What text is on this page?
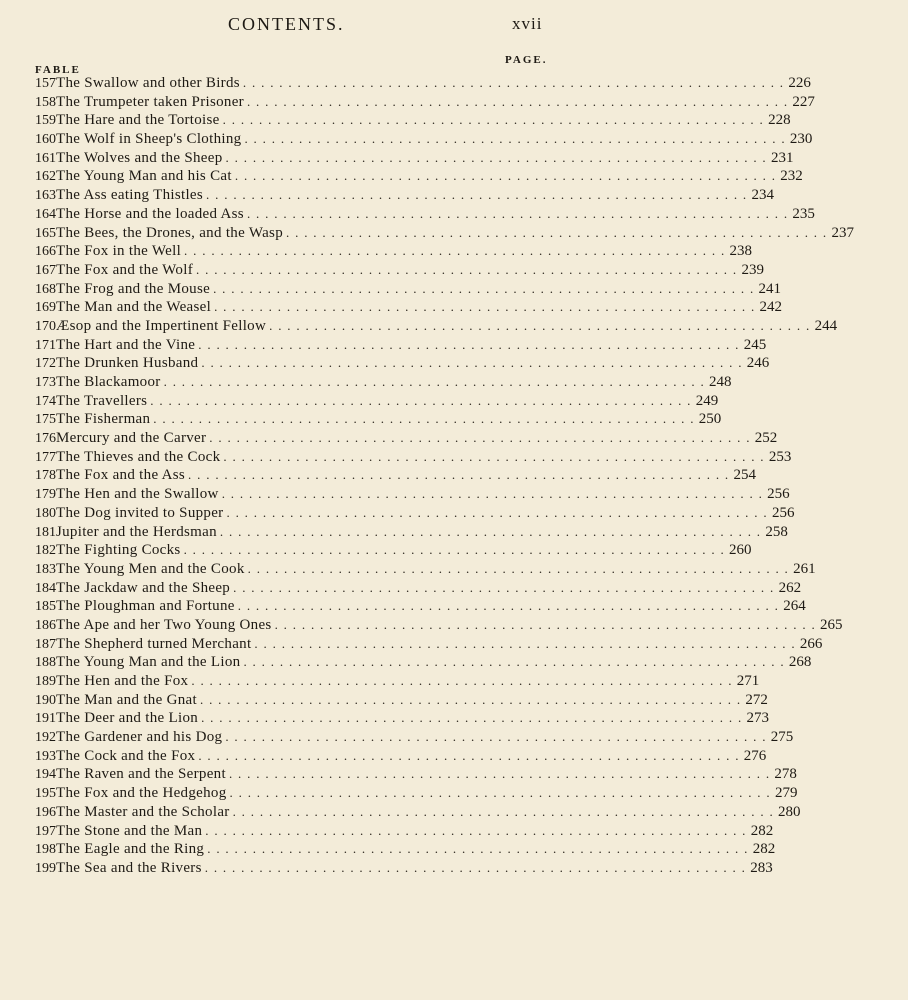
CONTENTS.	xvii
FABLE
PAGE.
157 The Swallow and other Birds . . . . . . . . . . . . . . . . . . . . . . . . . . . . . . . . . . . . . . . . . . . . . . . . . . . . . . . . . . . . 226
158 The Trumpeter taken Prisoner . . . . . . . . . . . . . . . . . . . . . . . . . . . . . . . . . . . . . . . . . . . . . . . . . . . . . . . . . . . . 227
159 The Hare and the Tortoise . . . . . . . . . . . . . . . . . . . . . . . . . . . . . . . . . . . . . . . . . . . . . . . . . . . . . . . . . . . . 228
160 The Wolf in Sheep's Clothing . . . . . . . . . . . . . . . . . . . . . . . . . . . . . . . . . . . . . . . . . . . . . . . . . . . . . . . . . . . . 230
161 The Wolves and the Sheep . . . . . . . . . . . . . . . . . . . . . . . . . . . . . . . . . . . . . . . . . . . . . . . . . . . . . . . . . . . . 231
162 The Young Man and his Cat . . . . . . . . . . . . . . . . . . . . . . . . . . . . . . . . . . . . . . . . . . . . . . . . . . . . . . . . . . . . 232
163 The Ass eating Thistles . . . . . . . . . . . . . . . . . . . . . . . . . . . . . . . . . . . . . . . . . . . . . . . . . . . . . . . . . . . . 234
164 The Horse and the loaded Ass . . . . . . . . . . . . . . . . . . . . . . . . . . . . . . . . . . . . . . . . . . . . . . . . . . . . . . . . . . . . 235
165 The Bees, the Drones, and the Wasp . . . . . . . . . . . . . . . . . . . . . . . . . . . . . . . . . . . . . . . . . . . . . . . . . . . . . . . . . . . . 237
166 The Fox in the Well . . . . . . . . . . . . . . . . . . . . . . . . . . . . . . . . . . . . . . . . . . . . . . . . . . . . . . . . . . . . 238
167 The Fox and the Wolf . . . . . . . . . . . . . . . . . . . . . . . . . . . . . . . . . . . . . . . . . . . . . . . . . . . . . . . . . . . . 239
168 The Frog and the Mouse . . . . . . . . . . . . . . . . . . . . . . . . . . . . . . . . . . . . . . . . . . . . . . . . . . . . . . . . . . . . 241
169 The Man and the Weasel . . . . . . . . . . . . . . . . . . . . . . . . . . . . . . . . . . . . . . . . . . . . . . . . . . . . . . . . . . . . 242
170 Æsop and the Impertinent Fellow . . . . . . . . . . . . . . . . . . . . . . . . . . . . . . . . . . . . . . . . . . . . . . . . . . . . . . . . . . . . 244
171 The Hart and the Vine . . . . . . . . . . . . . . . . . . . . . . . . . . . . . . . . . . . . . . . . . . . . . . . . . . . . . . . . . . . . 245
172 The Drunken Husband . . . . . . . . . . . . . . . . . . . . . . . . . . . . . . . . . . . . . . . . . . . . . . . . . . . . . . . . . . . . 246
173 The Blackamoor . . . . . . . . . . . . . . . . . . . . . . . . . . . . . . . . . . . . . . . . . . . . . . . . . . . . . . . . . . . . 248
174 The Travellers . . . . . . . . . . . . . . . . . . . . . . . . . . . . . . . . . . . . . . . . . . . . . . . . . . . . . . . . . . . . 249
175 The Fisherman . . . . . . . . . . . . . . . . . . . . . . . . . . . . . . . . . . . . . . . . . . . . . . . . . . . . . . . . . . . . 250
176 Mercury and the Carver . . . . . . . . . . . . . . . . . . . . . . . . . . . . . . . . . . . . . . . . . . . . . . . . . . . . . . . . . . . . 252
177 The Thieves and the Cock . . . . . . . . . . . . . . . . . . . . . . . . . . . . . . . . . . . . . . . . . . . . . . . . . . . . . . . . . . . . 253
178 The Fox and the Ass . . . . . . . . . . . . . . . . . . . . . . . . . . . . . . . . . . . . . . . . . . . . . . . . . . . . . . . . . . . . 254
179 The Hen and the Swallow . . . . . . . . . . . . . . . . . . . . . . . . . . . . . . . . . . . . . . . . . . . . . . . . . . . . . . . . . . . . 256
180 The Dog invited to Supper . . . . . . . . . . . . . . . . . . . . . . . . . . . . . . . . . . . . . . . . . . . . . . . . . . . . . . . . . . . . 256
181 Jupiter and the Herdsman . . . . . . . . . . . . . . . . . . . . . . . . . . . . . . . . . . . . . . . . . . . . . . . . . . . . . . . . . . . . 258
182 The Fighting Cocks . . . . . . . . . . . . . . . . . . . . . . . . . . . . . . . . . . . . . . . . . . . . . . . . . . . . . . . . . . . . 260
183 The Young Men and the Cook . . . . . . . . . . . . . . . . . . . . . . . . . . . . . . . . . . . . . . . . . . . . . . . . . . . . . . . . . . . . 261
184 The Jackdaw and the Sheep . . . . . . . . . . . . . . . . . . . . . . . . . . . . . . . . . . . . . . . . . . . . . . . . . . . . . . . . . . . . 262
185 The Ploughman and Fortune . . . . . . . . . . . . . . . . . . . . . . . . . . . . . . . . . . . . . . . . . . . . . . . . . . . . . . . . . . . . 264
186 The Ape and her Two Young Ones . . . . . . . . . . . . . . . . . . . . . . . . . . . . . . . . . . . . . . . . . . . . . . . . . . . . . . . . . . . . 265
187 The Shepherd turned Merchant . . . . . . . . . . . . . . . . . . . . . . . . . . . . . . . . . . . . . . . . . . . . . . . . . . . . . . . . . . . . 266
188 The Young Man and the Lion . . . . . . . . . . . . . . . . . . . . . . . . . . . . . . . . . . . . . . . . . . . . . . . . . . . . . . . . . . . . 268
189 The Hen and the Fox . . . . . . . . . . . . . . . . . . . . . . . . . . . . . . . . . . . . . . . . . . . . . . . . . . . . . . . . . . . . 271
190 The Man and the Gnat . . . . . . . . . . . . . . . . . . . . . . . . . . . . . . . . . . . . . . . . . . . . . . . . . . . . . . . . . . . . 272
191 The Deer and the Lion . . . . . . . . . . . . . . . . . . . . . . . . . . . . . . . . . . . . . . . . . . . . . . . . . . . . . . . . . . . . 273
192 The Gardener and his Dog . . . . . . . . . . . . . . . . . . . . . . . . . . . . . . . . . . . . . . . . . . . . . . . . . . . . . . . . . . . . 275
193 The Cock and the Fox . . . . . . . . . . . . . . . . . . . . . . . . . . . . . . . . . . . . . . . . . . . . . . . . . . . . . . . . . . . . 276
194 The Raven and the Serpent . . . . . . . . . . . . . . . . . . . . . . . . . . . . . . . . . . . . . . . . . . . . . . . . . . . . . . . . . . . . 278
195 The Fox and the Hedgehog . . . . . . . . . . . . . . . . . . . . . . . . . . . . . . . . . . . . . . . . . . . . . . . . . . . . . . . . . . . . 279
196 The Master and the Scholar . . . . . . . . . . . . . . . . . . . . . . . . . . . . . . . . . . . . . . . . . . . . . . . . . . . . . . . . . . . . 280
197 The Stone and the Man . . . . . . . . . . . . . . . . . . . . . . . . . . . . . . . . . . . . . . . . . . . . . . . . . . . . . . . . . . . . 282
198 The Eagle and the Ring . . . . . . . . . . . . . . . . . . . . . . . . . . . . . . . . . . . . . . . . . . . . . . . . . . . . . . . . . . . . 282
199 The Sea and the Rivers . . . . . . . . . . . . . . . . . . . . . . . . . . . . . . . . . . . . . . . . . . . . . . . . . . . . . . . . . . . . 283
